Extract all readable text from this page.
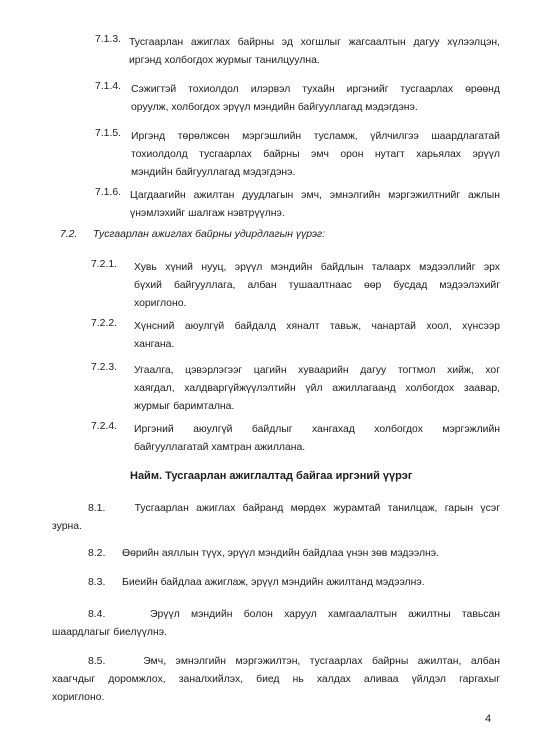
7.1.3. Тусгаарлан ажиглах байрны эд хогшлыг жагсаалтын дагуу хүлээлцэн,
иргэнд холбогдох журмыг танилцуулна.
7.1.4. Сэжигтэй тохиолдол илэрвэл тухайн иргэнийг тусгаарлах өрөөнд
оруулж, холбогдох эрүүл мэндийн байгууллагад мэдэгдэнэ.
7.1.5. Иргэнд төрөлжсөн мэргэшлийн тусламж, үйлчилгээ шаардлагатай
тохиолдолд тусгаарлах байрны эмч орон нутагт харьялах эрүүл
мэндийн байгууллагад мэдэгдэнэ.
7.1.6. Цагдаагийн ажилтан дуудлагын эмч, эмнэлгийн мэргэжилтнийг ажлын
үнэмлэхийг шалгаж нэвтрүүлнэ.
7.2. Тусгаарлан ажиглах байрны удирдлагын үүрэг:
7.2.1. Хувь хүний нууц, эрүүл мэндийн байдлын талаарх мэдээллийг эрх
бүхий байгууллага, албан тушаалтнаас өөр бусдад мэдээлэхийг
хориглоно.
7.2.2. Хүнсний аюулгүй байдалд хяналт тавьж, чанартай хоол, хүнсээр
хангана.
7.2.3. Угаалга, цэвэрлэгээг цагийн хуваарийн дагуу тогтмол хийж, хог
хаягдал, халдваргүйжүүлэлтийн үйл ажиллагаанд холбогдох заавар,
журмыг баримтална.
7.2.4. Иргэний аюулгүй байдлыг хангахад холбогдох мэргэжлийн
байгууллагатай хамтран ажиллана.
Найм. Тусгаарлан ажиглалтад байгаа иргэний үүрэг
8.1.	Тусгаарлан ажиглах байранд мөрдөх журамтай танилцаж, гарын үсэг
зурна.
8.2. Өөрийн аяллын түүх, эрүүл мэндийн байдлаа үнэн зөв мэдээлнэ.
8.3. Биеийн байдлаа ажиглаж, эрүүл мэндийн ажилтанд мэдээлнэ.
8.4.	Эрүүл мэндийн болон харуул хамгаалалтын ажилтны тавьсан
шаардлагыг биелүүлнэ.
8.5.	Эмч, эмнэлгийн мэргэжилтэн, тусгаарлах байрны ажилтан, албан
хаагчдыг доромжлох, заналхийлэх, биед нь халдах аливаа үйлдэл гаргахыг
хориглоно.
4
